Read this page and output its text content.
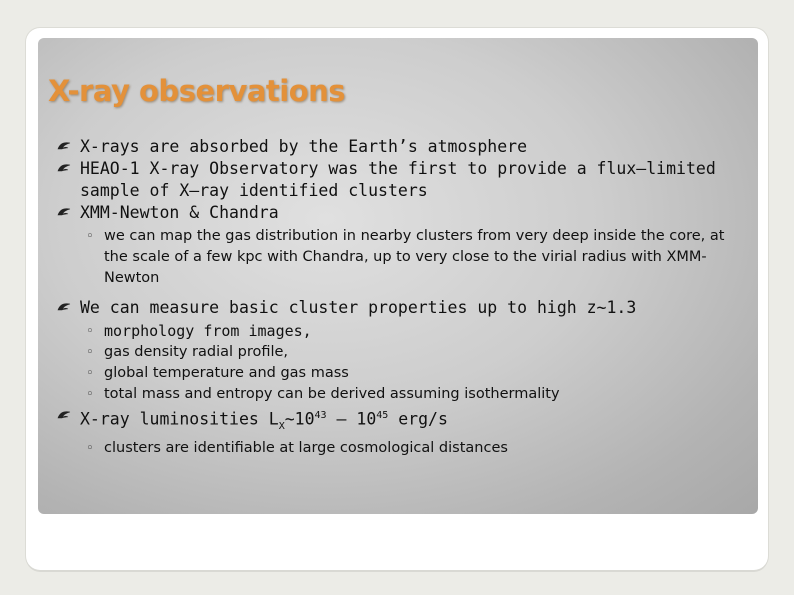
X-ray observations
X-rays are absorbed by the Earth’s atmosphere
HEAO-1 X-ray Observatory was the first to provide a flux–limited sample of X–ray identified clusters
XMM-Newton & Chandra
◦ we can map the gas distribution in nearby clusters from very deep inside the core, at the scale of a few kpc with Chandra, up to very close to the virial radius with XMM-Newton
We can measure basic cluster properties up to high z~1.3
◦ morphology from images,
◦ gas density radial profile,
◦ global temperature and gas mass
◦ total mass and entropy can be derived assuming isothermality
X-ray luminosities $L_X\sim 10^{43} - 10^{45}$ erg/s
◦ clusters are identifiable at large cosmological distances
